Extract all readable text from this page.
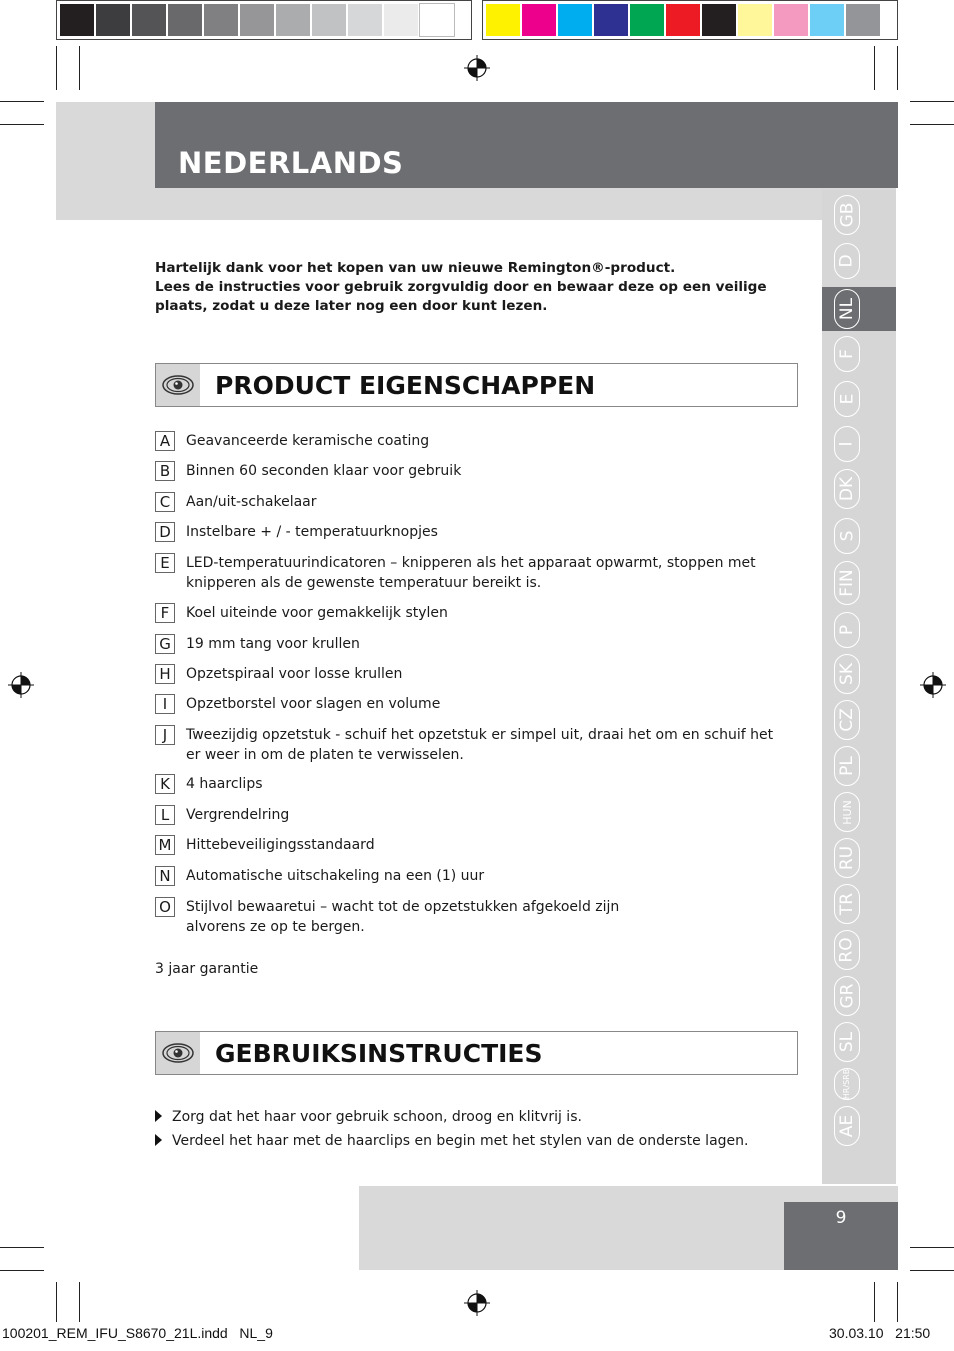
NEDERLANDS
GB
D
NL
F
E
I
DK
S
FIN
P
SK
CZ
PL
HUN
RU
TR
RO
GR
SL
HR/SRB
AE
Hartelijk dank voor het kopen van uw nieuwe Remington®-product.
Lees de instructies voor gebruik zorgvuldig door en bewaar deze op een veilige plaats, zodat u deze later nog een door kunt lezen.
PRODUCT EIGENSCHAPPEN
A	Geavanceerde keramische coating
B	Binnen 60 seconden klaar voor gebruik
C	Aan/uit-schakelaar
D	Instelbare + / - temperatuurknopjes
E	LED-temperatuurindicatoren – knipperen als het apparaat opwarmt, stoppen met knipperen als de gewenste temperatuur bereikt is.
F	Koel uiteinde voor gemakkelijk stylen
G 19 mm tang voor krullen
H	Opzetspiraal voor losse krullen
I	Opzetborstel voor slagen en volume
J	Tweezijdig opzetstuk - schuif het opzetstuk er simpel uit, draai het om en schuif het er weer in om de platen te verwisselen.
K	4 haarclips
L	Vergrendelring
M Hittebeveiligingsstandaard
N	Automatische uitschakeling na een (1) uur
O Stijlvol bewaaretui – wacht tot de opzetstukken afgekoeld zijn alvorens ze op te bergen.
3 jaar garantie
GEBRUIKSINSTRUCTIES
Zorg dat het haar voor gebruik schoon, droog en klitvrij is.
Verdeel het haar met de haarclips en begin met het stylen van de onderste lagen.
9
100201_REM_IFU_S8670_21L.indd   NL_9	30.03.10   21:50
